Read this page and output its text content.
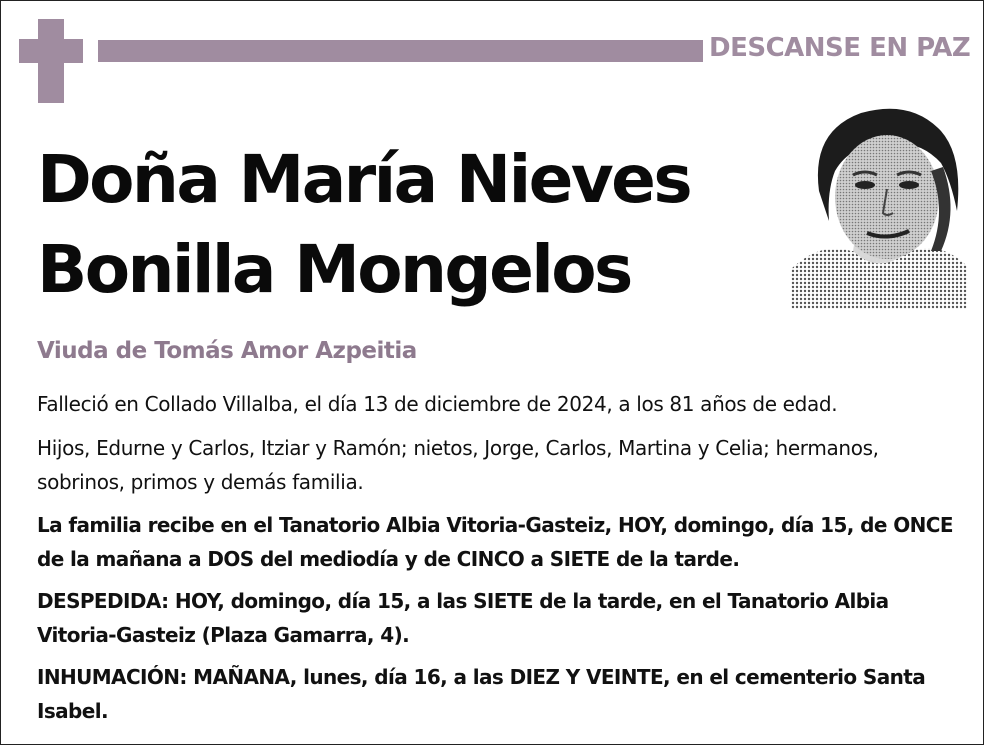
DESCANSE EN PAZ
Doña María Nieves
Bonilla Mongelos
Viuda de Tomás Amor Azpeitia
Falleció en Collado Villalba, el día 13 de diciembre de 2024, a los 81 años de edad.
Hijos, Edurne y Carlos, Itziar y Ramón; nietos, Jorge, Carlos, Martina y Celia; hermanos, sobrinos, primos y demás familia.
La familia recibe en el Tanatorio Albia Vitoria-Gasteiz, HOY, domingo, día 15, de ONCE de la mañana a DOS del mediodía y de CINCO a SIETE de la tarde.
DESPEDIDA: HOY, domingo, día 15, a las SIETE de la tarde, en el Tanatorio Albia Vitoria-Gasteiz (Plaza Gamarra, 4).
INHUMACIÓN: MAÑANA, lunes, día 16, a las DIEZ Y VEINTE, en el cementerio Santa Isabel.
